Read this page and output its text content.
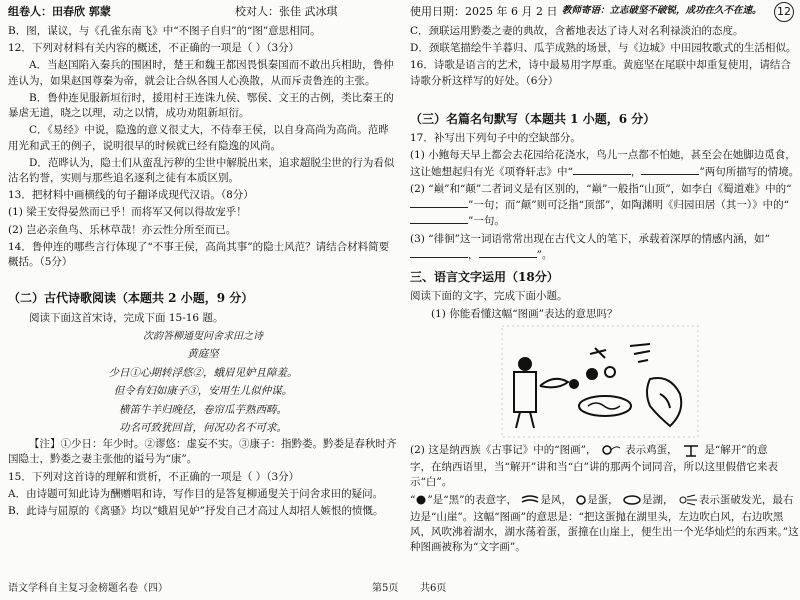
组卷人：田春欣 郭蒙	校对人：张佳 武冰琪	使用日期：2025 年 6 月 2 日 教师寄语：立志破坚不破锐，成功在久不在速。 12

B．图，谋议，与《孔雀东南飞》中“不图子自归”的“图”意思相同。

12．下列对材料有关内容的概述，不正确的一项是（ ）（3分）

A．当赵国陷入秦兵的围困时，楚王和魏王都因畏惧秦国而不敢出兵相助，鲁仲连认为，如果赵国尊秦为帝，就会让合纵各国人心涣散，从而斥责鲁连的主张。

B．鲁仲连见服新垣衍时，援用村王连诛九侯、鄂侯、文王的古例，类比秦王的暴虐无道，晓之以理，动之以情，成功劝阻新垣衍。

C．《易经》中说，隐逸的意义很丈大，不侍奉王侯，以自身高尚为高尚。范晔用光和武王的例子，说明很早的时候就已经有隐逸的风尚。

D．范晔认为，隐士们从蛮乱污秽的尘世中解脱出来，追求超脱尘世的行为看似沽名钓誉，实则与那些追名逐利之徒有本质区别。

13．把材料中画横线的句子翻译成现代汉语。（8分）

(1) 梁王安得晏然而已乎！而将军又何以得故宠乎！

(2) 岂必亲鱼鸟、乐林草哉！亦云性分所至而已。

14．鲁仲连的哪些言行体现了“不事王侯，高尚其事”的隐士风范？请结合材料简要概括。（5分）

（二）古代诗歌阅读（本题共 2 小题，9 分）

阅读下面这首宋诗，完成下面 15-16 题。

次韵答柳通叟问舍求田之诗
黄庭坚
少日①心期转浮悠②，蛾眉见妒且障羞。
但令有妇如康子③，安用生儿似仲谋。
横笛牛羊归晚径，卷帘瓜芋熟西畴。
功名可致犹回首，何况功名不可求。

【注】①少日：年少时。②谬悠：虚妄不实。③康子：指黔娄。黔娄是春秋时齐国隐士，黔娄之妻主张他的谥号为“康”。

15．下列对这首诗的理解和赏析，不正确的一项是（ ）（3分）

A．由诗题可知此诗为酬赠唱和诗，写作目的是答复柳通叟关于问舍求田的疑问。

B．此诗与屈原的《离骚》均以“蛾眉见妒”抒发自己才高过人却招人嫉恨的愤慨。

C．颈联运用黔娄之妻的典故，含蓄地表达了诗人对名利禄淡泊的态度。

D．颈联笔描绘牛羊暮归、瓜芋成熟的场景，与《边城》中田园牧歌式的生活相似。

16．诗歌是语言的艺术，诗中最易用字厚重。黄庭坚在尾联中却重复使用，请结合诗歌分析这样写的好处。（6分）

（三）名篇名句默写（本题共 1 小题，6 分）

17．补写出下列句子中的空缺部分。

(1) 小鲍每天早上都会去花园给花浇水，鸟儿一点都不怕她，甚至会在她脚边觅食，这让她想起归有光《项脊轩志》中“	，	”两句所描写的情境。

(2) “巅”和“颠”二者词义是有区别的，“巅”一般指“山顶”，如李白《蜀道难》中的“”一句；而“颠”则可泛指“顶部”，如陶渊明《归园田居（其一）》中的“”一句。

(3) “徘徊”这一词语常常出现在古代文人的笔下，承载着深厚的情感内涵，如“，	”。

三、语言文字运用（18分）

阅读下面的文字，完成下面小题。

(1) 你能看懂这幅“图画”表达的意思吗？

(2) 这是纳西族《古事记》中的“图画”，	表示鸡蛋，	是“解开”的意

字，在纳西语里，当“解开”讲和当“白”讲的那两个词同音，所以这里假借它来表示“白”。

“ ”是“黑”的表意字， 是风， 是蛋， 是湖， 表示蛋破发光，最右

边是“山崖”。这幅“图画”的意思是：“把这蛋抛在湖里头，左边吹白风，右边吹黑风，风吹沸着湖水，湖水荡着蛋，蛋撞在山崖上，便生出一个光华灿烂的东西来。”这种图画被称为“文字画”。

语文学科自主复习金榜题名卷（四）	第5页 共6页
